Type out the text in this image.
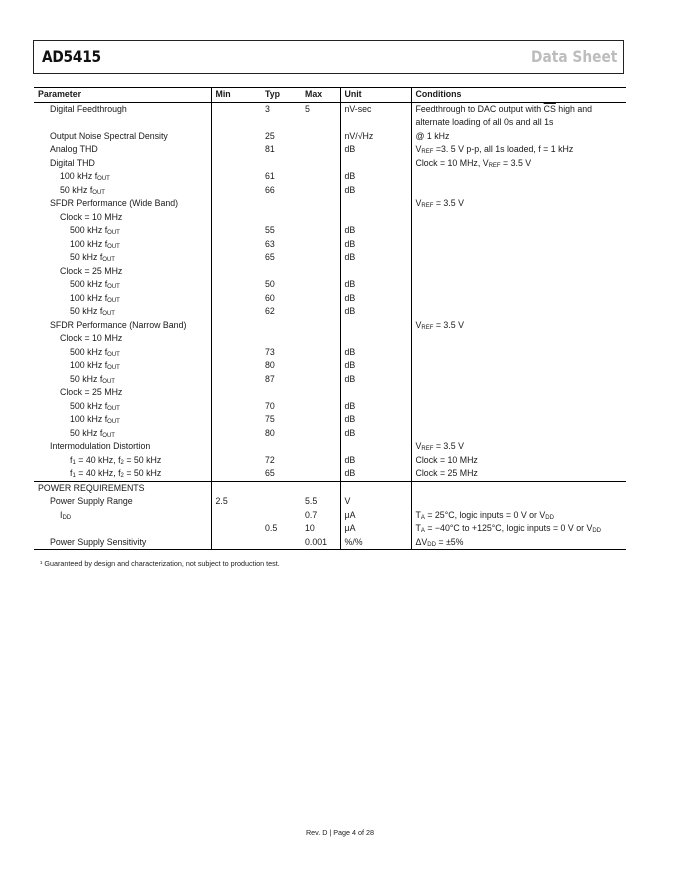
AD5415	Data Sheet
Parameter	Min	Typ	Max	Unit	Conditions
Digital Feedthrough		3	5	nV-sec	Feedthrough to DAC output with $\overline{CS}$ high and alternate loading of all 0s and all 1s
Output Noise Spectral Density		25		nV/√Hz	@ 1 kHz
Analog THD		81		dB	$V_{REF} =3$. 5 V p-p, all 1s loaded, f = 1 kHz
Digital THD					Clock = 10 MHz, $V_{REF} = 3.5$ V
100 kHz $f_{OUT}$		61		dB	
50 kHz $f_{OUT}$		66		dB	
SFDR Performance (Wide Band)					$V_{REF} = 3.5$ V
Clock = 10 MHz					
500 kHz $f_{OUT}$		55		dB	
100 kHz $f_{OUT}$		63		dB	
50 kHz $f_{OUT}$		65		dB	
Clock = 25 MHz					
500 kHz $f_{OUT}$		50		dB	
100 kHz $f_{OUT}$		60		dB	
50 kHz $f_{OUT}$		62		dB	
SFDR Performance (Narrow Band)					$V_{REF} = 3.5$ V
Clock = 10 MHz					
500 kHz $f_{OUT}$		73		dB	
100 kHz $f_{OUT}$		80		dB	
50 kHz $f_{OUT}$		87		dB	
Clock = 25 MHz					
500 kHz $f_{OUT}$		70		dB	
100 kHz $f_{OUT}$		75		dB	
50 kHz $f_{OUT}$		80		dB	
Intermodulation Distortion					$V_{REF} = 3.5$ V
$f_1 = 40$ kHz, $f_2 = 50$ kHz		72		dB	Clock = 10 MHz
$f_1 = 40$ kHz, $f_2 = 50$ kHz		65		dB	Clock = 25 MHz
POWER REQUIREMENTS					
Power Supply Range	2.5		5.5	V	
$I_{DD}$			0.7	μA	$T_A = 25^\circ C$, logic inputs = 0 V or $V_{DD}$
		0.5	10	μA	$T_A = -40^\circ C$ to +125°C, logic inputs = 0 V or $V_{DD}$
Power Supply Sensitivity			0.001	%/%	$\Delta V_{DD} = \pm 5\%$
¹ Guaranteed by design and characterization, not subject to production test.
Rev. D | Page 4 of 28
